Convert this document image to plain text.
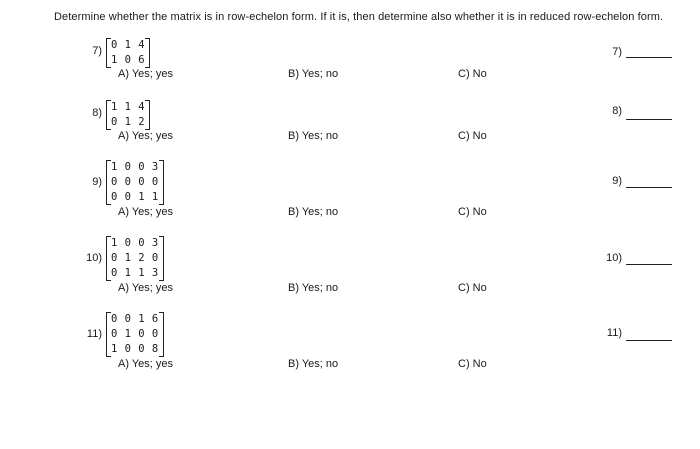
Determine whether the matrix is in row-echelon form. If it is, then determine also whether it is in reduced row-echelon form.
7) 0 1 4
1 0 6
A) Yes; yes	B) Yes; no	C) No
7)
8) 1 1 4
0 1 2
A) Yes; yes	B) Yes; no	C) No
8)
9)
1 0 0 3
0 0 0 0
0 0 1 1
A) Yes; yes	B) Yes; no	C) No
9)
10)
1 0 0 3
0 1 2 0
0 1 1 3
A) Yes; yes	B) Yes; no	C) No
10)
11)
0 0 1 6
0 1 0 0
1 0 0 8
A) Yes; yes	B) Yes; no	C) No
11)
